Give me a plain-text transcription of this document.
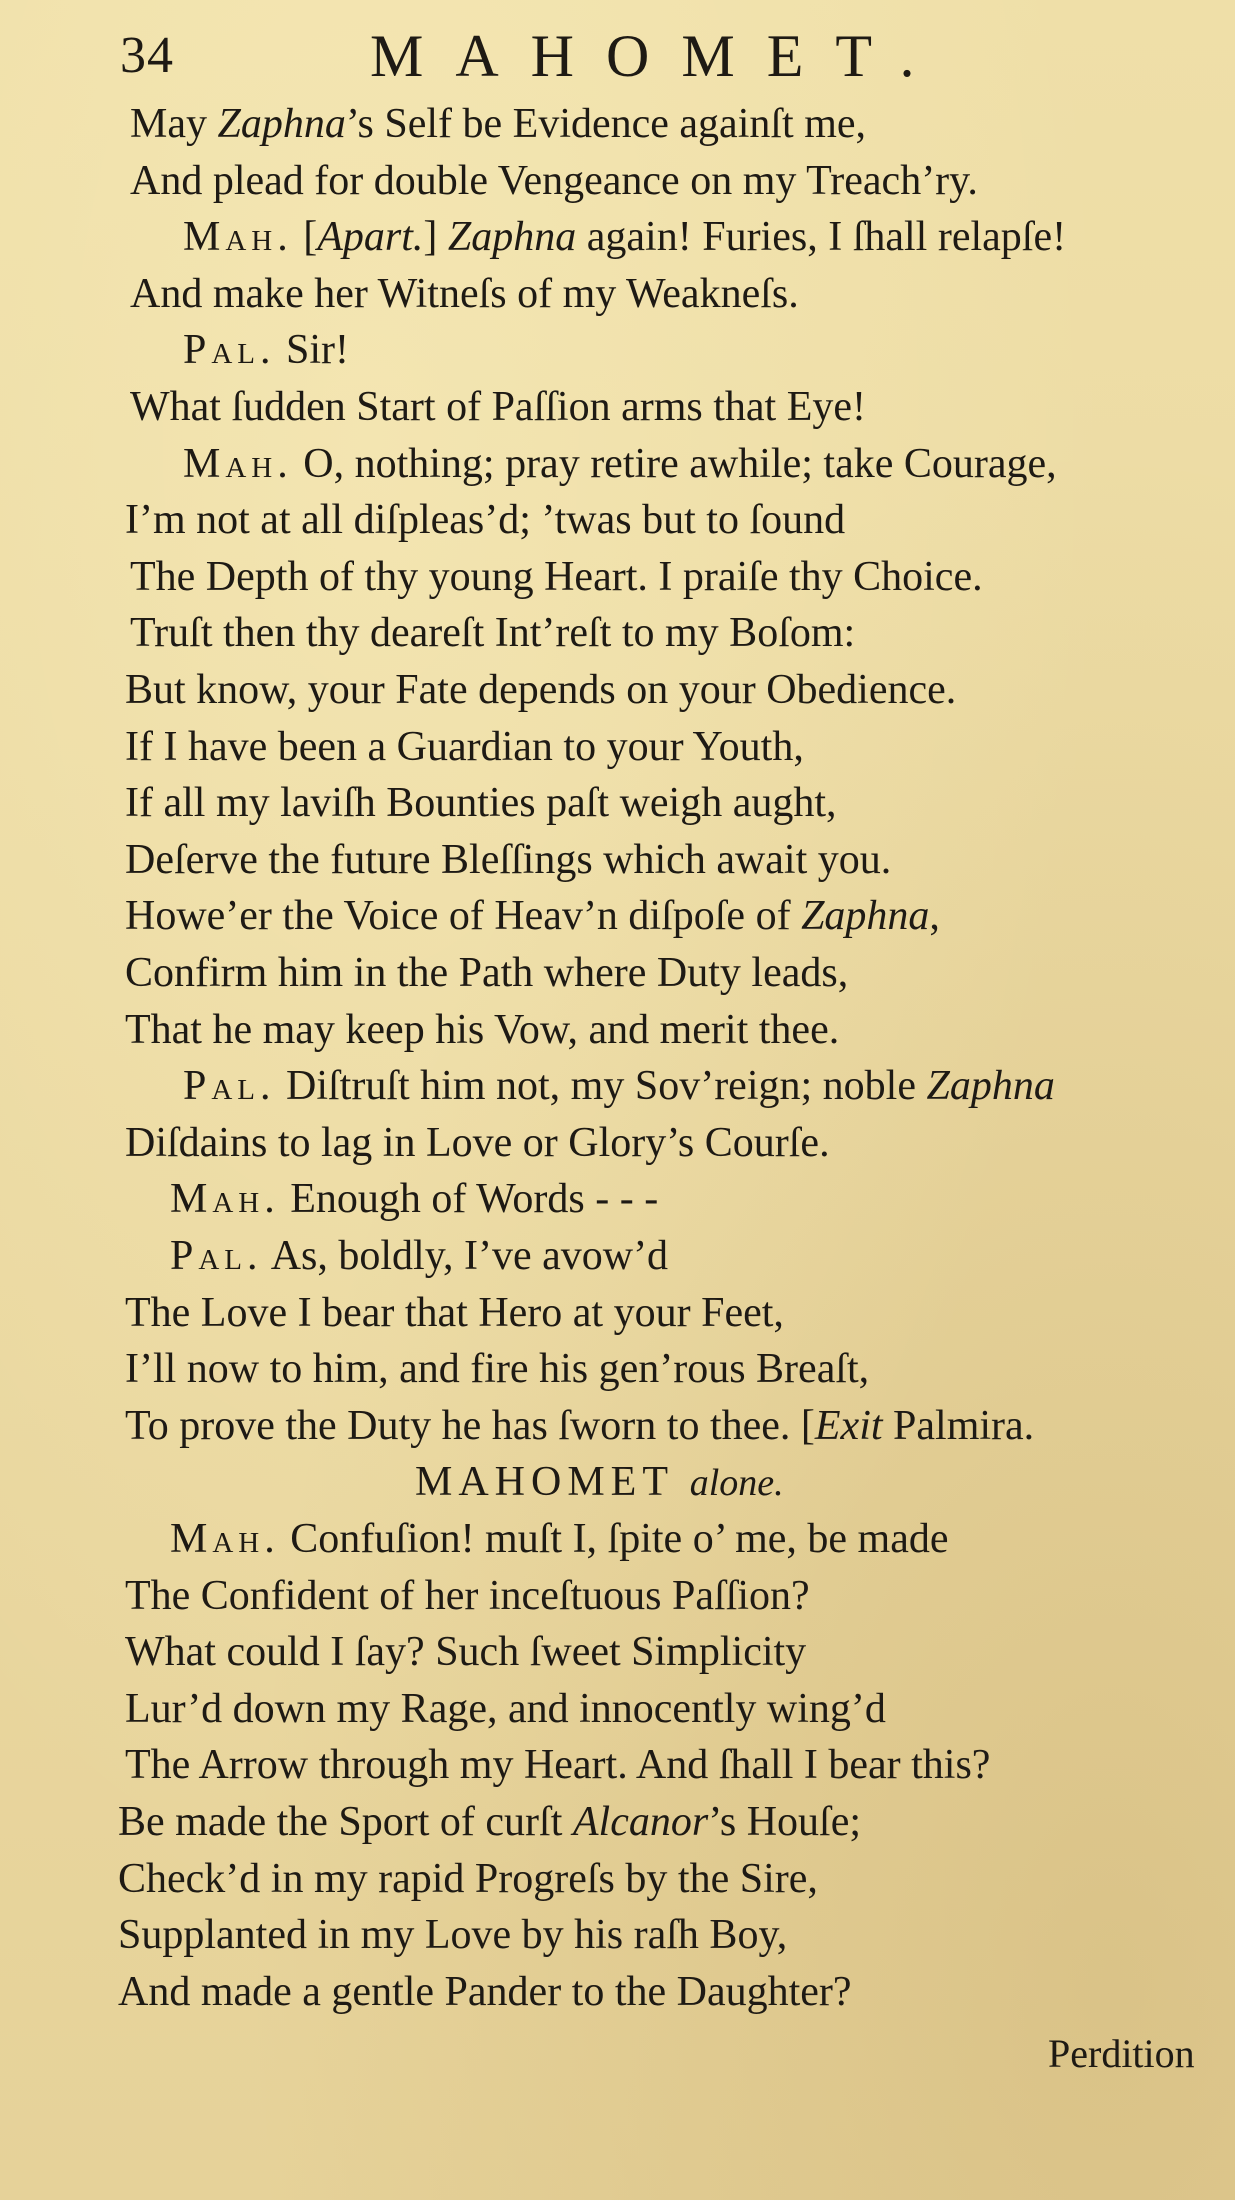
34	MAHOMET.
May Zaphna’s Self be Evidence againſt me,
And plead for double Vengeance on my Treach’ry.
Mah. [Apart.] Zaphna again! Furies, I ſhall relapſe!
And make her Witneſs of my Weakneſs.
Pal. Sir!
What ſudden Start of Paſſion arms that Eye!
Mah. O, nothing; pray retire awhile; take Courage,
I’m not at all diſpleas’d; ’twas but to ſound
The Depth of thy young Heart. I praiſe thy Choice.
Truſt then thy deareſt Int’reſt to my Boſom:
But know, your Fate depends on your Obedience.
If I have been a Guardian to your Youth,
If all my laviſh Bounties paſt weigh aught,
Deſerve the future Bleſſings which await you.
Howe’er the Voice of Heav’n diſpoſe of Zaphna,
Confirm him in the Path where Duty leads,
That he may keep his Vow, and merit thee.
Pal. Diſtruſt him not, my Sov’reign; noble Zaphna
Diſdains to lag in Love or Glory’s Courſe.
Mah. Enough of Words - - -
Pal. As, boldly, I’ve avow’d
The Love I bear that Hero at your Feet,
I’ll now to him, and fire his gen’rous Breaſt,
To prove the Duty he has ſworn to thee. [Exit Palmira.
MAHOMET alone.
Mah. Confuſion! muſt I, ſpite o’ me, be made
The Confident of her inceſtuous Paſſion?
What could I ſay? Such ſweet Simplicity
Lur’d down my Rage, and innocently wing’d
The Arrow through my Heart. And ſhall I bear this?
Be made the Sport of curſt Alcanor’s Houſe;
Check’d in my rapid Progreſs by the Sire,
Supplanted in my Love by his raſh Boy,
And made a gentle Pander to the Daughter?
Perdition
